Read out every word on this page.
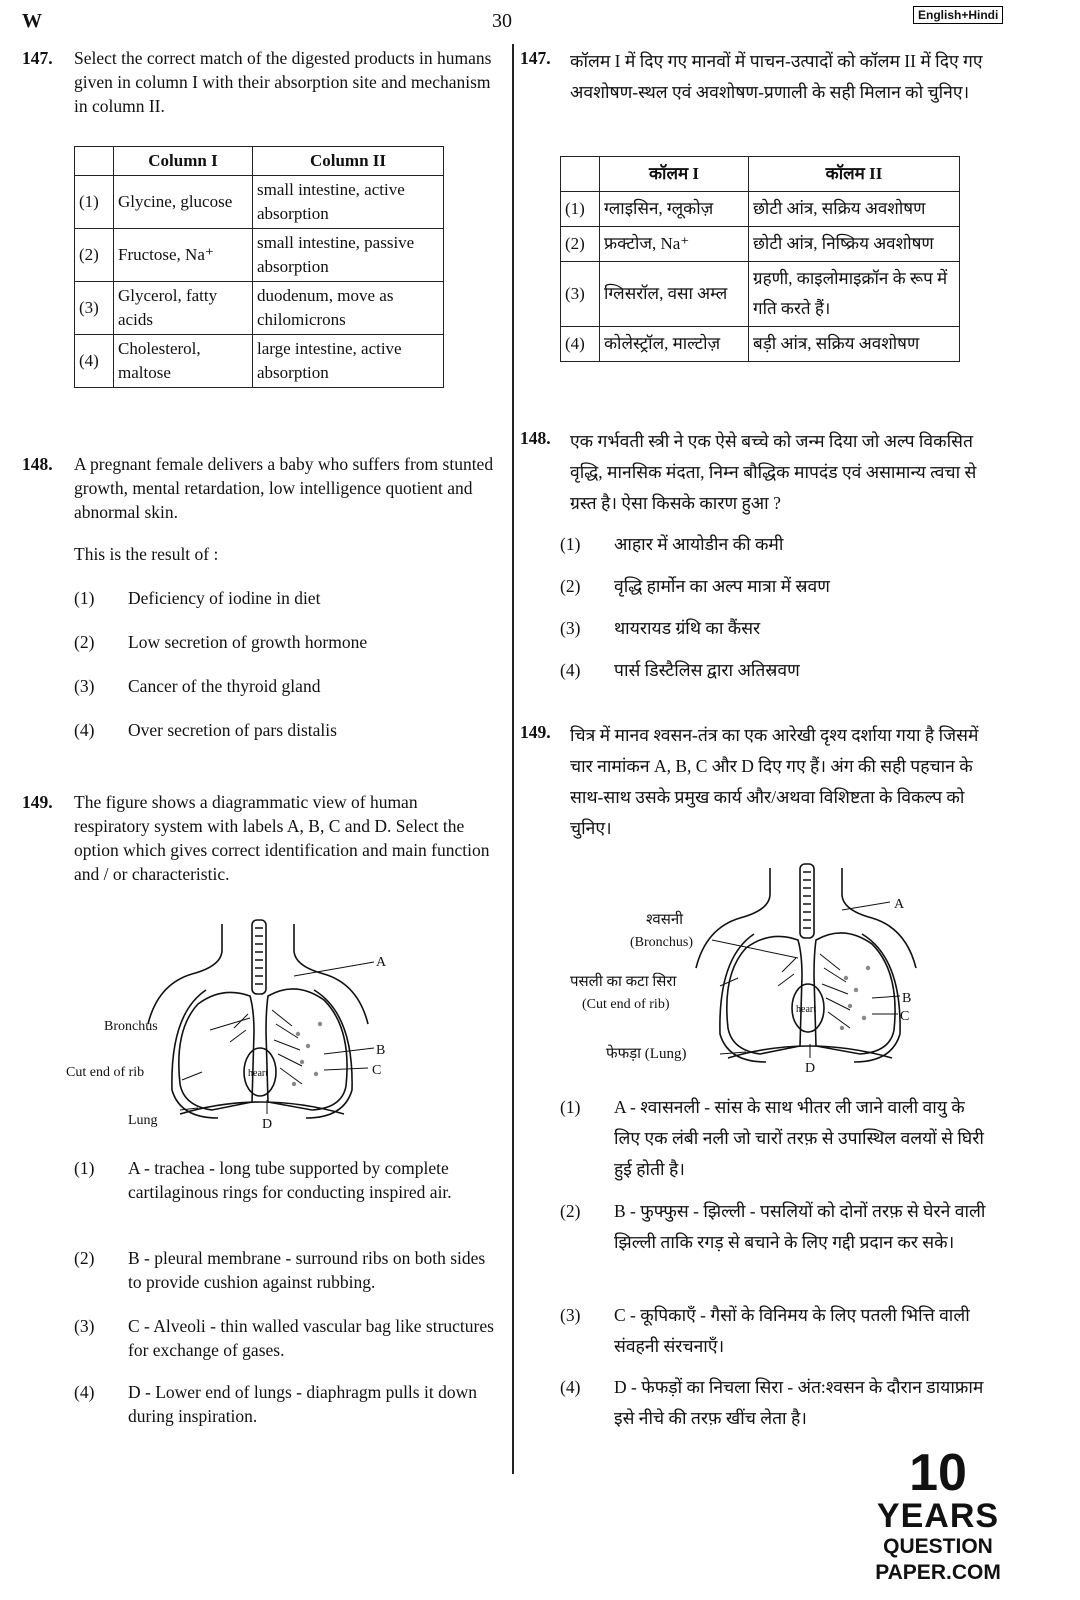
W	30	English+Hindi
147.	Select the correct match of the digested products in humans given in column I with their absorption site and mechanism in column II.
	Column I	Column II
(1)	Glycine, glucose	small intestine, active absorption
(2)	Fructose, Na⁺	small intestine, passive absorption
(3)	Glycerol, fatty acids	duodenum, move as chilomicrons
(4)	Cholesterol, maltose	large intestine, active absorption
148.	A pregnant female delivers a baby who suffers from stunted growth, mental retardation, low intelligence quotient and abnormal skin.
This is the result of :
(1)	Deficiency of iodine in diet
(2)	Low secretion of growth hormone
(3)	Cancer of the thyroid gland
(4)	Over secretion of pars distalis
149.	The figure shows a diagrammatic view of human respiratory system with labels A, B, C and D. Select the option which gives correct identification and main function and / or characteristic.
Bronchus
Cut end of rib
Lung
heart
A
B
C
D
(1)	A - trachea - long tube supported by complete cartilaginous rings for conducting inspired air.
(2)	B - pleural membrane - surround ribs on both sides to provide cushion against rubbing.
(3)	C - Alveoli - thin walled vascular bag like structures for exchange of gases.
(4)	D - Lower end of lungs - diaphragm pulls it down during inspiration.
147.	कॉलम I में दिए गए मानवों में पाचन-उत्पादों को कॉलम II में दिए गए अवशोषण-स्थल एवं अवशोषण-प्रणाली के सही मिलान को चुनिए।
	कॉलम I	कॉलम II
(1)	ग्लाइसिन, ग्लूकोज़	छोटी आंत्र, सक्रिय अवशोषण
(2)	फ्रक्टोज, Na⁺	छोटी आंत्र, निष्क्रिय अवशोषण
(3)	ग्लिसरॉल, वसा अम्ल	ग्रहणी, काइलोमाइक्रॉन के रूप में गति करते हैं।
(4)	कोलेस्ट्रॉल, माल्टोज़	बड़ी आंत्र, सक्रिय अवशोषण
148.	एक गर्भवती स्त्री ने एक ऐसे बच्चे को जन्म दिया जो अल्प विकसित वृद्धि, मानसिक मंदता, निम्न बौद्धिक मापदंड एवं असामान्य त्वचा से ग्रस्त है। ऐसा किसके कारण हुआ ?
(1)	आहार में आयोडीन की कमी
(2)	वृद्धि हार्मोन का अल्प मात्रा में स्रवण
(3)	थायरायड ग्रंथि का कैंसर
(4)	पार्स डिस्टैलिस द्वारा अतिस्रवण
149.	चित्र में मानव श्वसन-तंत्र का एक आरेखी दृश्य दर्शाया गया है जिसमें चार नामांकन A, B, C और D दिए गए हैं। अंग की सही पहचान के साथ-साथ उसके प्रमुख कार्य और/अथवा विशिष्टता के विकल्प को चुनिए।
श्वसनी
(Bronchus)
पसली का कटा सिरा
(Cut end of rib)
फेफड़ा (Lung)
heart
A
B
C
D
(1)	A - श्वासनली - सांस के साथ भीतर ली जाने वाली वायु के लिए एक लंबी नली जो चारों तरफ़ से उपास्थिल वलयों से घिरी हुई होती है।
(2)	B - फुफ्फुस - झिल्ली - पसलियों को दोनों तरफ़ से घेरने वाली झिल्ली ताकि रगड़ से बचाने के लिए गद्दी प्रदान कर सके।
(3)	C - कूपिकाएँ - गैसों के विनिमय के लिए पतली भित्ति वाली संवहनी संरचनाएँ।
(4)	D - फेफड़ों का निचला सिरा - अंत:श्वसन के दौरान डायाफ्राम इसे नीचे की तरफ़ खींच लेता है।
10
YEARS
QUESTION PAPER.COM
